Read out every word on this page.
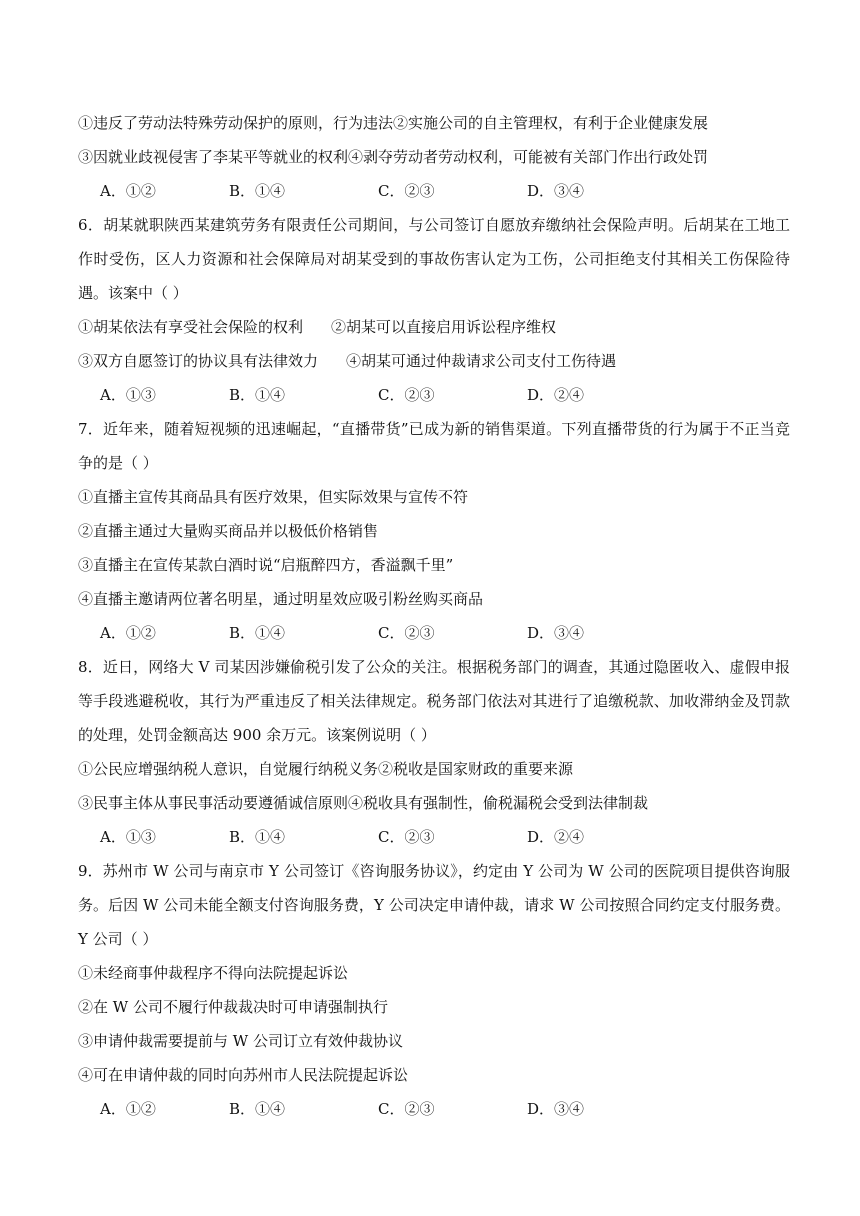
①违反了劳动法特殊劳动保护的原则，行为违法②实施公司的自主管理权，有利于企业健康发展
③因就业歧视侵害了李某平等就业的权利④剥夺劳动者劳动权利，可能被有关部门作出行政处罚
A．①②	B．①④	C．②③	D．③④
6．胡某就职陕西某建筑劳务有限责任公司期间，与公司签订自愿放弃缴纳社会保险声明。后胡某在工地工作时受伤，区人力资源和社会保障局对胡某受到的事故伤害认定为工伤，公司拒绝支付其相关工伤保险待遇。该案中（ ）
①胡某依法有享受社会保险的权利 ②胡某可以直接启用诉讼程序维权
③双方自愿签订的协议具有法律效力 ④胡某可通过仲裁请求公司支付工伤待遇
A．①③	B．①④	C．②③	D．②④
7．近年来，随着短视频的迅速崛起，“直播带货”已成为新的销售渠道。下列直播带货的行为属于不正当竞争的是（ ）
①直播主宣传其商品具有医疗效果，但实际效果与宣传不符
②直播主通过大量购买商品并以极低价格销售
③直播主在宣传某款白酒时说“启瓶醉四方，香溢飘千里”
④直播主邀请两位著名明星，通过明星效应吸引粉丝购买商品
A．①②	B．①④	C．②③	D．③④
8．近日，网络大 V 司某因涉嫌偷税引发了公众的关注。根据税务部门的调查，其通过隐匿收入、虚假申报等手段逃避税收，其行为严重违反了相关法律规定。税务部门依法对其进行了追缴税款、加收滞纳金及罚款的处理，处罚金额高达 900 余万元。该案例说明（ ）
①公民应增强纳税人意识，自觉履行纳税义务②税收是国家财政的重要来源
③民事主体从事民事活动要遵循诚信原则④税收具有强制性，偷税漏税会受到法律制裁
A．①③	B．①④	C．②③	D．②④
9．苏州市 W 公司与南京市 Y 公司签订《咨询服务协议》，约定由 Y 公司为 W 公司的医院项目提供咨询服务。后因 W 公司未能全额支付咨询服务费，Y 公司决定申请仲裁，请求 W 公司按照合同约定支付服务费。Y 公司（ ）
①未经商事仲裁程序不得向法院提起诉讼
②在 W 公司不履行仲裁裁决时可申请强制执行
③申请仲裁需要提前与 W 公司订立有效仲裁协议
④可在申请仲裁的同时向苏州市人民法院提起诉讼
A．①②	B．①④	C．②③	D．③④
